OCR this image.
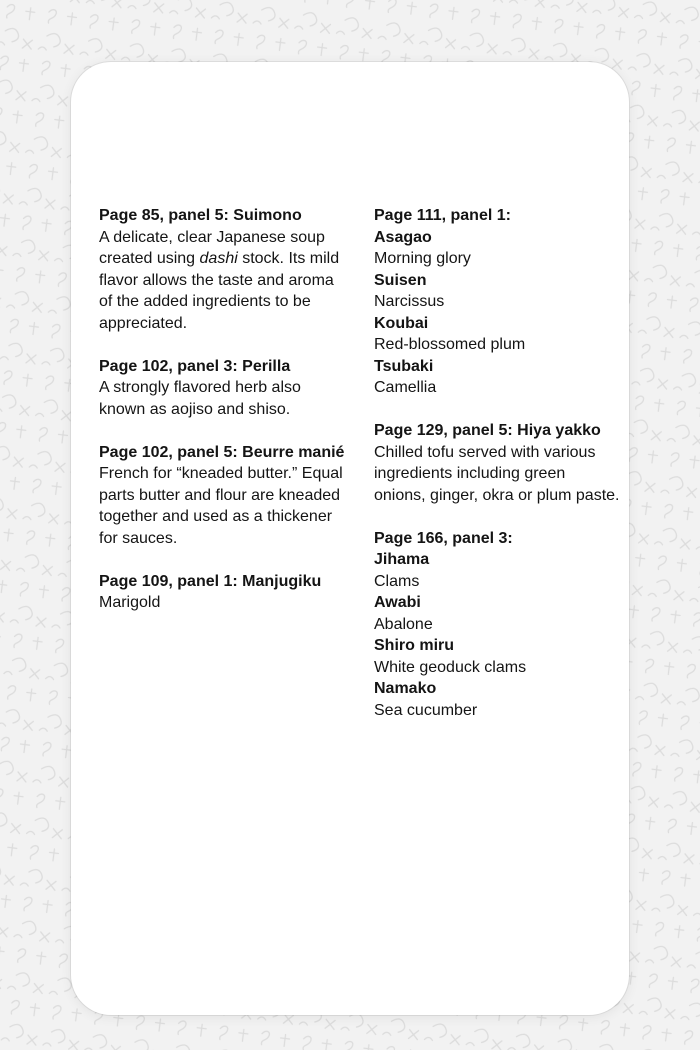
Page 85, panel 5: Suimono

A delicate, clear Japanese soup created using dashi stock. Its mild flavor allows the taste and aroma of the added ingredients to be appreciated.

Page 102, panel 3: Perilla

A strongly flavored herb also known as aojiso and shiso.

Page 102, panel 5: Beurre manié

French for “kneaded butter.” Equal parts butter and flour are kneaded together and used as a thickener for sauces.

Page 109, panel 1: Manjugiku

Marigold

Page 111, panel 1:
Asagao
Morning glory
Suisen
Narcissus
Koubai
Red-blossomed plum
Tsubaki
Camellia
Page 129, panel 5: Hiya yakko

Chilled tofu served with various ingredients including green onions, ginger, okra or plum paste.

Page 166, panel 3:
Jihama
Clams
Awabi
Abalone
Shiro miru
White geoduck clams
Namako
Sea cucumber
